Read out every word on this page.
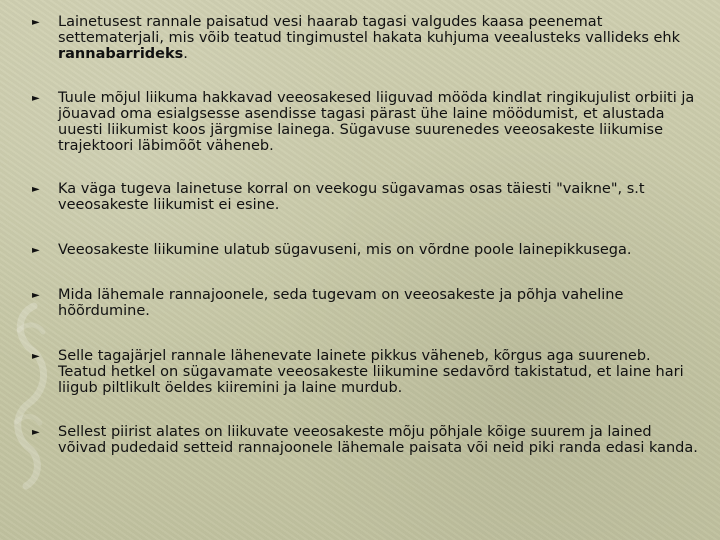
►	Lainetusest rannale paisatud vesi haarab tagasi valgudes kaasa peenemat settematerjali, mis võib teatud tingimustel hakata kuhjuma veealusteks vallideks ehk rannabarrideks.
►	Tuule mõjul liikuma hakkavad veeosakesed liiguvad mööda kindlat ringikujulist orbiiti ja jõuavad oma esialgsesse asendisse tagasi pärast ühe laine möödumist, et alustada uuesti liikumist koos järgmise lainega. Sügavuse suurenedes veeosakeste liikumise trajektoori läbimõõt väheneb.
►	Ka väga tugeva lainetuse korral on veekogu sügavamas osas täiesti "vaikne", s.t veeosakeste liikumist ei esine.
►	Veeosakeste liikumine ulatub sügavuseni, mis on võrdne poole lainepikkusega.
►	Mida lähemale rannajoonele, seda tugevam on veeosakeste ja põhja vaheline hõõrdumine.
►	Selle tagajärjel rannale lähenevate lainete pikkus väheneb, kõrgus aga suureneb. Teatud hetkel on sügavamate veeosakeste liikumine sedavõrd takistatud, et laine hari liigub piltlikult öeldes kiiremini ja laine murdub.
►	Sellest piirist alates on liikuvate veeosakeste mõju põhjale kõige suurem ja lained võivad pudedaid setteid rannajoonele lähemale paisata või neid piki randa edasi kanda.
